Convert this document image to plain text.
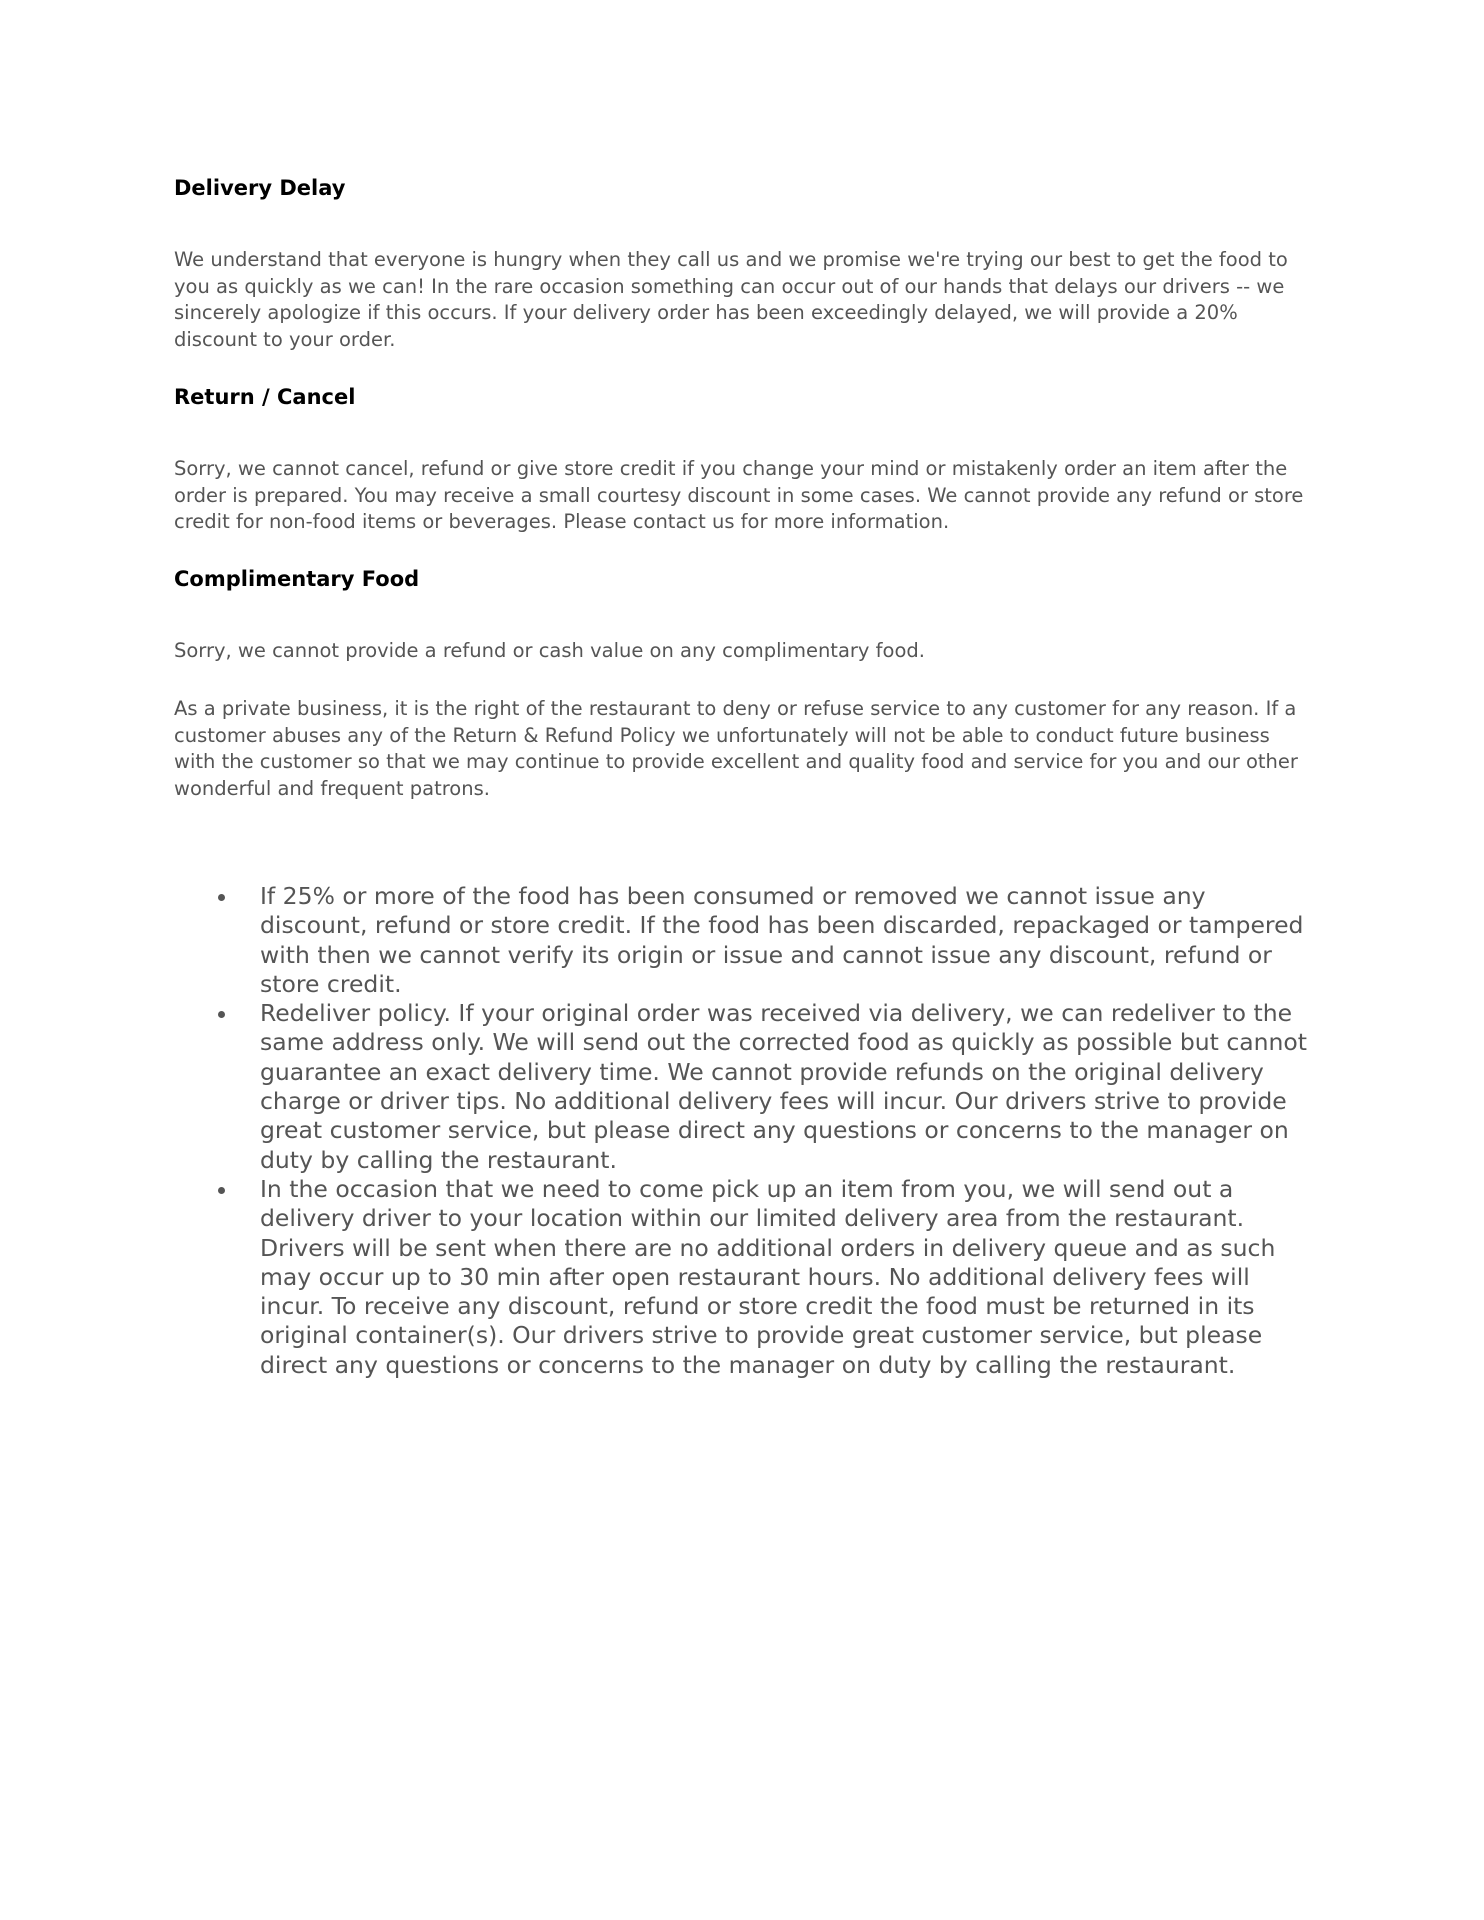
Delivery Delay

We understand that everyone is hungry when they call us and we promise we're trying our best to get the food to you as quickly as we can! In the rare occasion something can occur out of our hands that delays our drivers -- we sincerely apologize if this occurs. If your delivery order has been exceedingly delayed, we will provide a 20% discount to your order.

Return / Cancel

Sorry, we cannot cancel, refund or give store credit if you change your mind or mistakenly order an item after the order is prepared. You may receive a small courtesy discount in some cases. We cannot provide any refund or store credit for non-food items or beverages. Please contact us for more information.

Complimentary Food

Sorry, we cannot provide a refund or cash value on any complimentary food.

As a private business, it is the right of the restaurant to deny or refuse service to any customer for any reason. If a customer abuses any of the Return & Refund Policy we unfortunately will not be able to conduct future business with the customer so that we may continue to provide excellent and quality food and service for you and our other wonderful and frequent patrons.

If 25% or more of the food has been consumed or removed we cannot issue any discount, refund or store credit. If the food has been discarded, repackaged or tampered with then we cannot verify its origin or issue and cannot issue any discount, refund or store credit.
Redeliver policy. If your original order was received via delivery, we can redeliver to the same address only. We will send out the corrected food as quickly as possible but cannot guarantee an exact delivery time. We cannot provide refunds on the original delivery charge or driver tips. No additional delivery fees will incur. Our drivers strive to provide great customer service, but please direct any questions or concerns to the manager on duty by calling the restaurant.
In the occasion that we need to come pick up an item from you, we will send out a delivery driver to your location within our limited delivery area from the restaurant. Drivers will be sent when there are no additional orders in delivery queue and as such may occur up to 30 min after open restaurant hours. No additional delivery fees will incur. To receive any discount, refund or store credit the food must be returned in its original container(s). Our drivers strive to provide great customer service, but please direct any questions or concerns to the manager on duty by calling the restaurant.
